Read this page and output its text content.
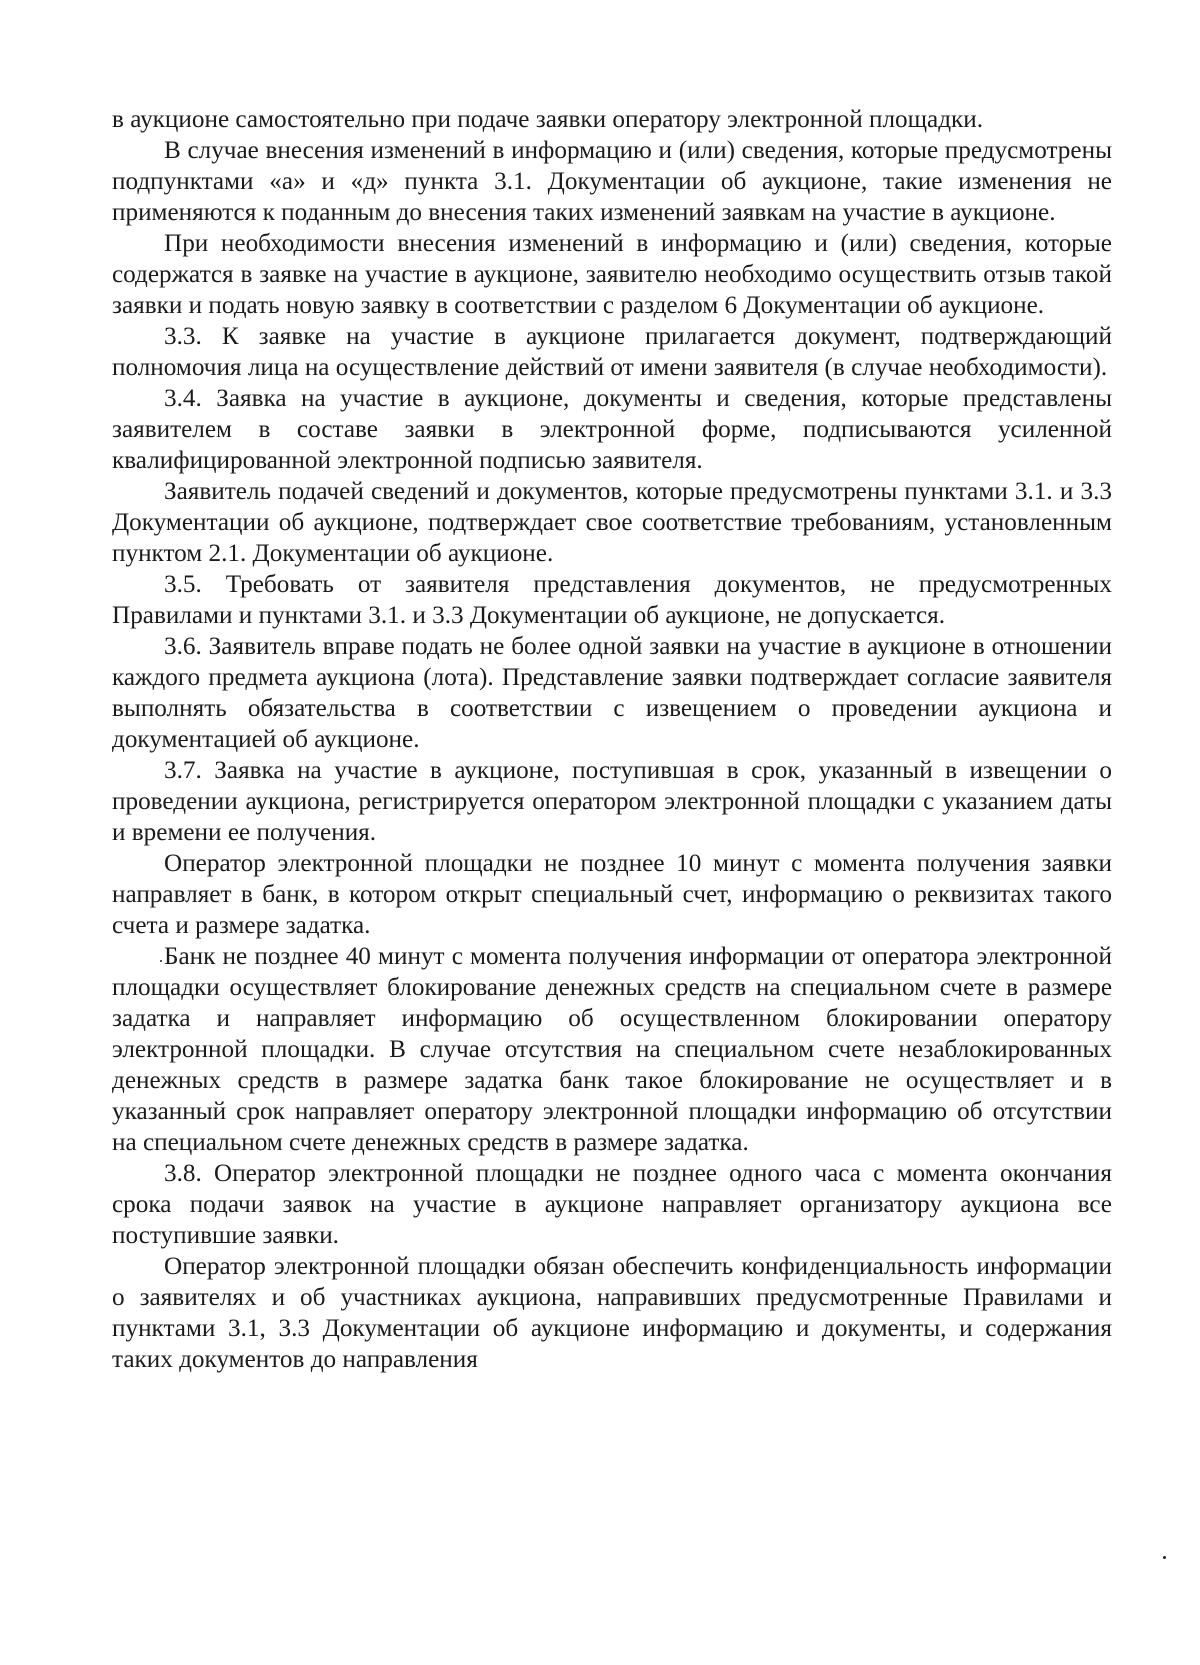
в аукционе самостоятельно при подаче заявки оператору электронной площадки.

В случае внесения изменений в информацию и (или) сведения, которые предусмотрены подпунктами «а» и «д» пункта 3.1. Документации об аукционе, такие изменения не применяются к поданным до внесения таких изменений заявкам на участие в аукционе.

При необходимости внесения изменений в информацию и (или) сведения, которые содержатся в заявке на участие в аукционе, заявителю необходимо осуществить отзыв такой заявки и подать новую заявку в соответствии с разделом 6 Документации об аукционе.

3.3. К заявке на участие в аукционе прилагается документ, подтверждающий полномочия лица на осуществление действий от имени заявителя (в случае необходимости).

3.4. Заявка на участие в аукционе, документы и сведения, которые представлены заявителем в составе заявки в электронной форме, подписываются усиленной квалифицированной электронной подписью заявителя.

Заявитель подачей сведений и документов, которые предусмотрены пунктами 3.1. и 3.3 Документации об аукционе, подтверждает свое соответствие требованиям, установленным пунктом 2.1. Документации об аукционе.

3.5. Требовать от заявителя представления документов, не предусмотренных Правилами и пунктами 3.1. и 3.3 Документации об аукционе, не допускается.

3.6. Заявитель вправе подать не более одной заявки на участие в аукционе в отношении каждого предмета аукциона (лота). Представление заявки подтверждает согласие заявителя выполнять обязательства в соответствии с извещением о проведении аукциона и документацией об аукционе.

3.7. Заявка на участие в аукционе, поступившая в срок, указанный в извещении о проведении аукциона, регистрируется оператором электронной площадки с указанием даты и времени ее получения.

Оператор электронной площадки не позднее 10 минут с момента получения заявки направляет в банк, в котором открыт специальный счет, информацию о реквизитах такого счета и размере задатка.

Банк не позднее 40 минут с момента получения информации от оператора электронной площадки осуществляет блокирование денежных средств на специальном счете в размере задатка и направляет информацию об осуществленном блокировании оператору электронной площадки. В случае отсутствия на специальном счете незаблокированных денежных средств в размере задатка банк такое блокирование не осуществляет и в указанный срок направляет оператору электронной площадки информацию об отсутствии на специальном счете денежных средств в размере задатка.

3.8. Оператор электронной площадки не позднее одного часа с момента окончания срока подачи заявок на участие в аукционе направляет организатору аукциона все поступившие заявки.

Оператор электронной площадки обязан обеспечить конфиденциальность информации о заявителях и об участниках аукциона, направивших предусмотренные Правилами и пунктами 3.1, 3.3 Документации об аукционе информацию и документы, и содержания таких документов до направления
